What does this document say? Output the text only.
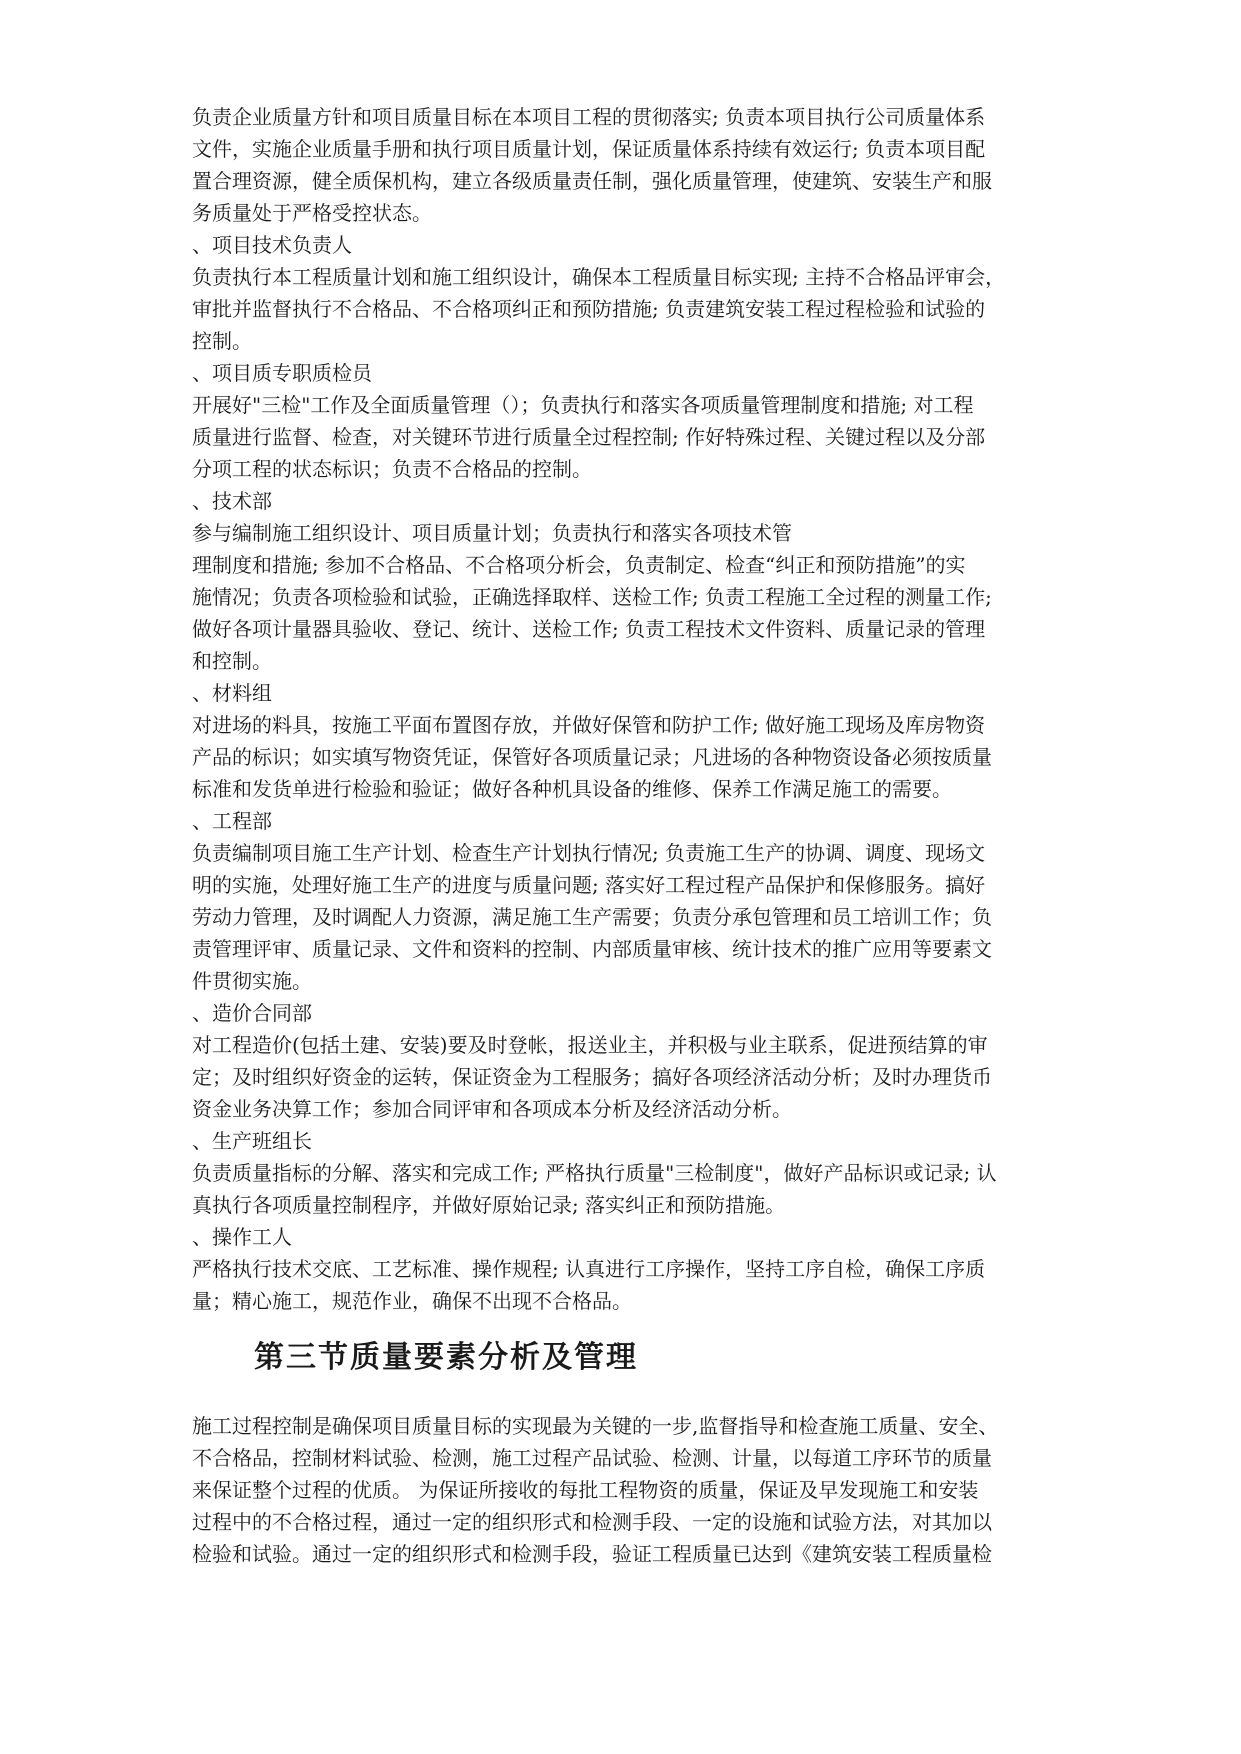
负责企业质量方针和项目质量目标在本项目工程的贯彻落实; 负责本项目执行公司质量体系
文件，实施企业质量手册和执行项目质量计划，保证质量体系持续有效运行; 负责本项目配
置合理资源，健全质保机构，建立各级质量责任制，强化质量管理，使建筑、安装生产和服
务质量处于严格受控状态。
、项目技术负责人
负责执行本工程质量计划和施工组织设计，确保本工程质量目标实现; 主持不合格品评审会，
审批并监督执行不合格品、不合格项纠正和预防措施; 负责建筑安装工程过程检验和试验的
控制。
、项目质专职质检员
开展好"三检"工作及全面质量管理（）；负责执行和落实各项质量管理制度和措施; 对工程
质量进行监督、检查，对关键环节进行质量全过程控制; 作好特殊过程、关键过程以及分部
分项工程的状态标识；负责不合格品的控制。
、技术部
参与编制施工组织设计、项目质量计划；负责执行和落实各项技术管
理制度和措施; 参加不合格品、不合格项分析会，负责制定、检查“纠正和预防措施”的实
施情况；负责各项检验和试验，正确选择取样、送检工作; 负责工程施工全过程的测量工作;
做好各项计量器具验收、登记、统计、送检工作; 负责工程技术文件资料、质量记录的管理
和控制。
、材料组
对进场的料具，按施工平面布置图存放，并做好保管和防护工作; 做好施工现场及库房物资
产品的标识；如实填写物资凭证，保管好各项质量记录；凡进场的各种物资设备必须按质量
标准和发货单进行检验和验证；做好各种机具设备的维修、保养工作满足施工的需要。
、工程部
负责编制项目施工生产计划、检查生产计划执行情况; 负责施工生产的协调、调度、现场文
明的实施，处理好施工生产的进度与质量问题; 落实好工程过程产品保护和保修服务。搞好
劳动力管理，及时调配人力资源，满足施工生产需要；负责分承包管理和员工培训工作；负
责管理评审、质量记录、文件和资料的控制、内部质量审核、统计技术的推广应用等要素文
件贯彻实施。
、造价合同部
对工程造价(包括土建、安装)要及时登帐，报送业主，并积极与业主联系，促进预结算的审
定；及时组织好资金的运转，保证资金为工程服务；搞好各项经济活动分析；及时办理货币
资金业务决算工作；参加合同评审和各项成本分析及经济活动分析。
、生产班组长
负责质量指标的分解、落实和完成工作; 严格执行质量"三检制度"，做好产品标识或记录; 认
真执行各项质量控制程序，并做好原始记录; 落实纠正和预防措施。
、操作工人
严格执行技术交底、工艺标准、操作规程; 认真进行工序操作，坚持工序自检，确保工序质
量；精心施工，规范作业，确保不出现不合格品。
第三节质量要素分析及管理
施工过程控制是确保项目质量目标的实现最为关键的一步,监督指导和检查施工质量、安全、
不合格品，控制材料试验、检测，施工过程产品试验、检测、计量，以每道工序环节的质量
来保证整个过程的优质。 为保证所接收的每批工程物资的质量，保证及早发现施工和安装
过程中的不合格过程，通过一定的组织形式和检测手段、一定的设施和试验方法，对其加以
检验和试验。通过一定的组织形式和检测手段，验证工程质量已达到《建筑安装工程质量检
